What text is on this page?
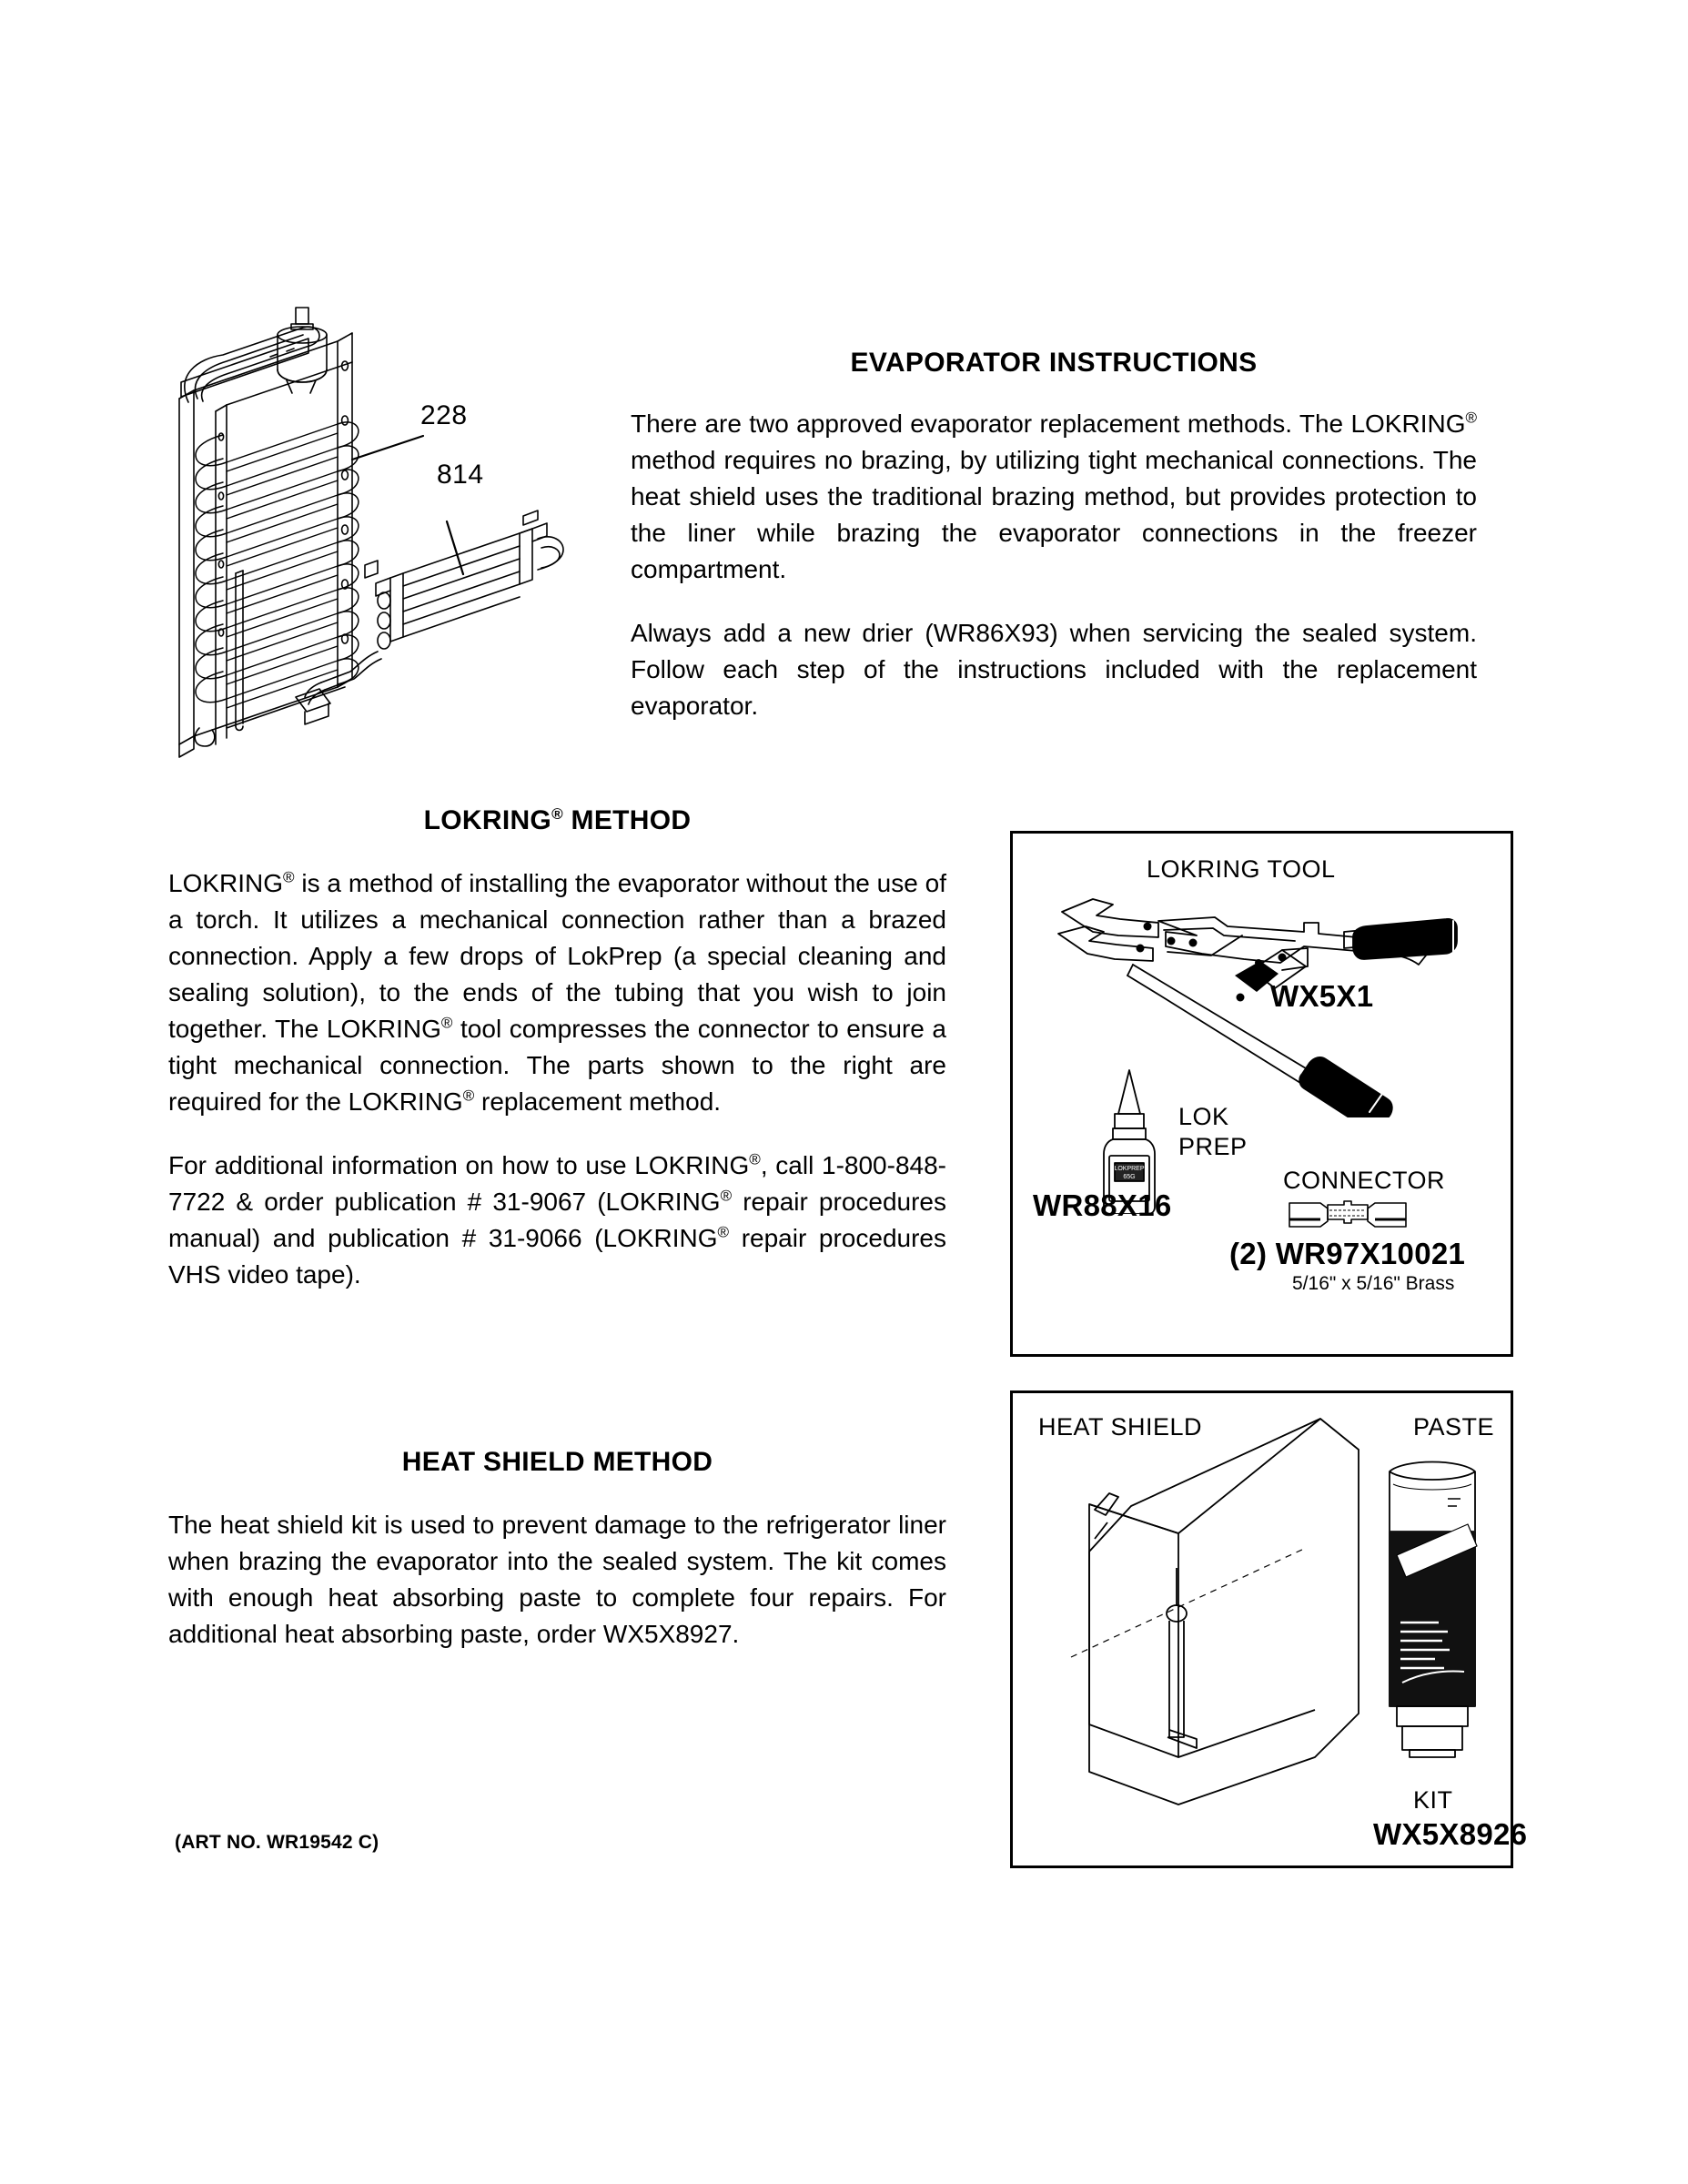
228
814
EVAPORATOR INSTRUCTIONS

There are two approved evaporator replacement methods. The LOKRING® method requires no brazing, by utilizing tight mechanical connections. The heat shield uses the traditional brazing method, but provides protection to the liner while brazing the evaporator connections in the freezer compartment.

Always add a new drier (WR86X93) when servicing the sealed system. Follow each step of the instructions included with the replacement evaporator.

LOKRING® METHOD

LOKRING® is a method of installing the evaporator without the use of a torch. It utilizes a mechanical connection rather than a brazed connection. Apply a few drops of LokPrep (a special cleaning and sealing solution), to the ends of the tubing that you wish to join together. The LOKRING® tool compresses the connector to ensure a tight mechanical connection. The parts shown to the right are required for the LOKRING® replacement method.

For additional information on how to use LOKRING®, call 1-800-848-7722 & order publication # 31-9067 (LOKRING® repair procedures manual) and publication # 31-9066 (LOKRING® repair procedures VHS video tape).

HEAT SHIELD METHOD

The heat shield kit is used to prevent damage to the refrigerator liner when brazing the evaporator into the sealed system. The kit comes with enough heat absorbing paste to complete four repairs. For additional heat absorbing paste, order WX5X8927.

LOKRING TOOL
WX5X1
LOKPREP
65G
LOK
PREP
WR88X16
CONNECTOR
(2) WR97X10021
5/16" x 5/16" Brass
HEAT SHIELD	PASTE
KIT
WX5X8926
(ART NO. WR19542 C)
